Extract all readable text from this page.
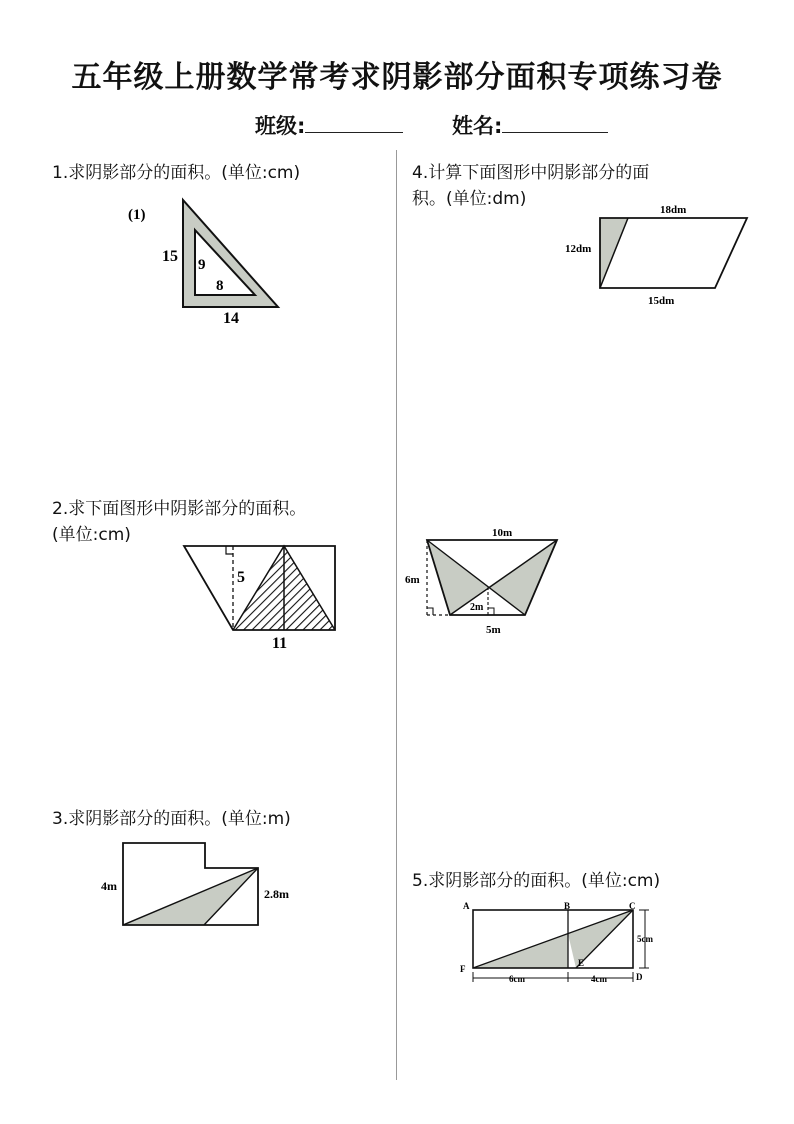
五年级上册数学常考求阴影部分面积专项练习卷
班级:	姓名:
1.求阴影部分的面积。(单位:cm)
(1)
15 9
8
14
4.计算下面图形中阴影部分的面
积。(单位:dm)
18dm
12dm
15dm
2.求下面图形中阴影部分的面积。
(单位:cm)
5
11
10m
6m
2m
5m
3.求阴影部分的面积。(单位:m)
4m
2.8m
5.求阴影部分的面积。(单位:cm)
A	B	C
5cm
F
E
D
6cm	4cm
